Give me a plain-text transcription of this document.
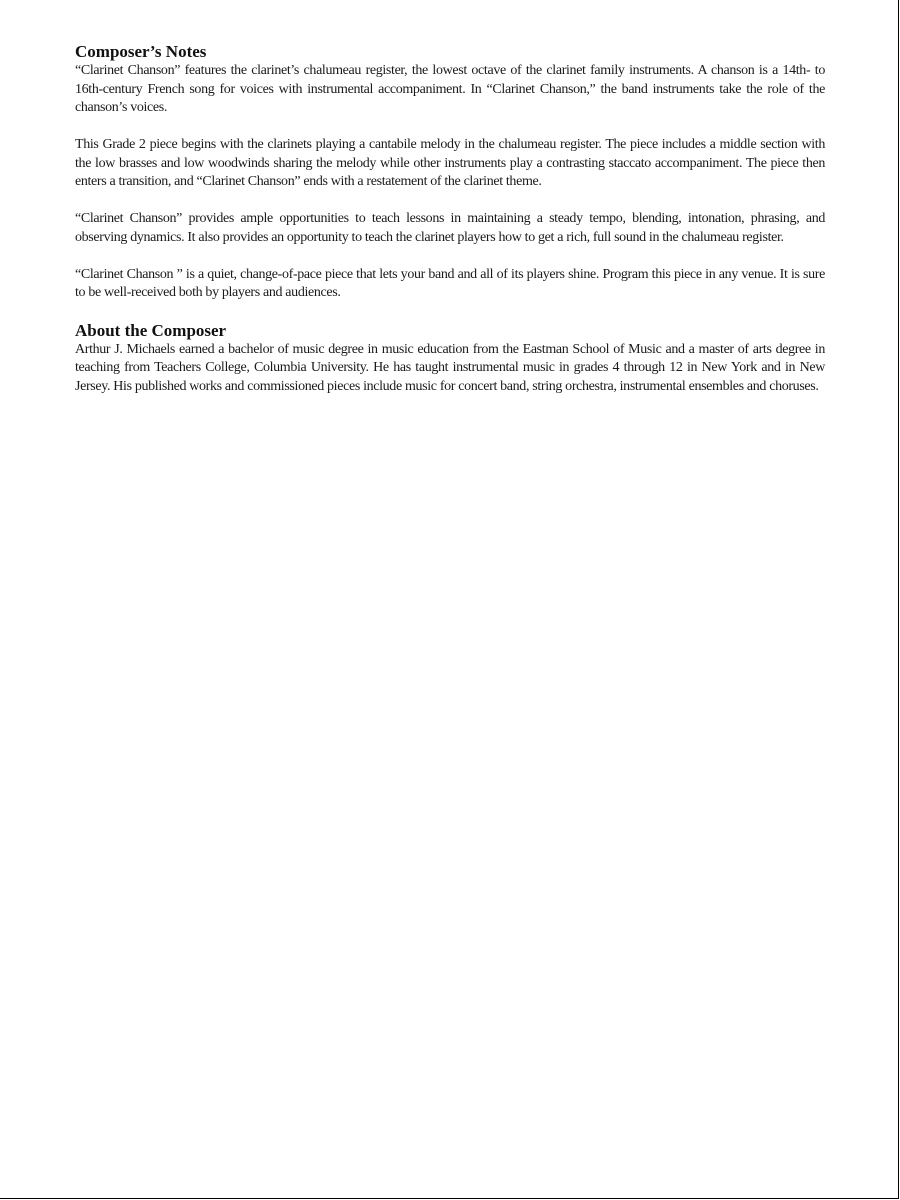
Composer’s Notes

“Clarinet Chanson” features the clarinet’s chalumeau register, the lowest octave of the clarinet family instruments. A chanson is a 14th- to 16th-century French song for voices with instrumental accompaniment. In “Clarinet Chanson,” the band instruments take the role of the chanson’s voices.

This Grade 2 piece begins with the clarinets playing a cantabile melody in the chalumeau register. The piece includes a middle section with the low brasses and low woodwinds sharing the melody while other instruments play a contrasting staccato accompaniment. The piece then enters a transition, and “Clarinet Chanson” ends with a restatement of the clarinet theme.

“Clarinet Chanson” provides ample opportunities to teach lessons in maintaining a steady tempo, blending, intonation, phrasing, and observing dynamics. It also provides an opportunity to teach the clarinet players how to get a rich, full sound in the chalumeau register.

“Clarinet Chanson ” is a quiet, change-of-pace piece that lets your band and all of its players shine. Program this piece in any venue. It is sure to be well-received both by players and audiences.

About the Composer

Arthur J. Michaels earned a bachelor of music degree in music education from the Eastman School of Music and a master of arts degree in teaching from Teachers College, Columbia University. He has taught instrumental music in grades 4 through 12 in New York and in New Jersey. His published works and commissioned pieces include music for concert band, string orchestra, instrumental ensembles and choruses.
